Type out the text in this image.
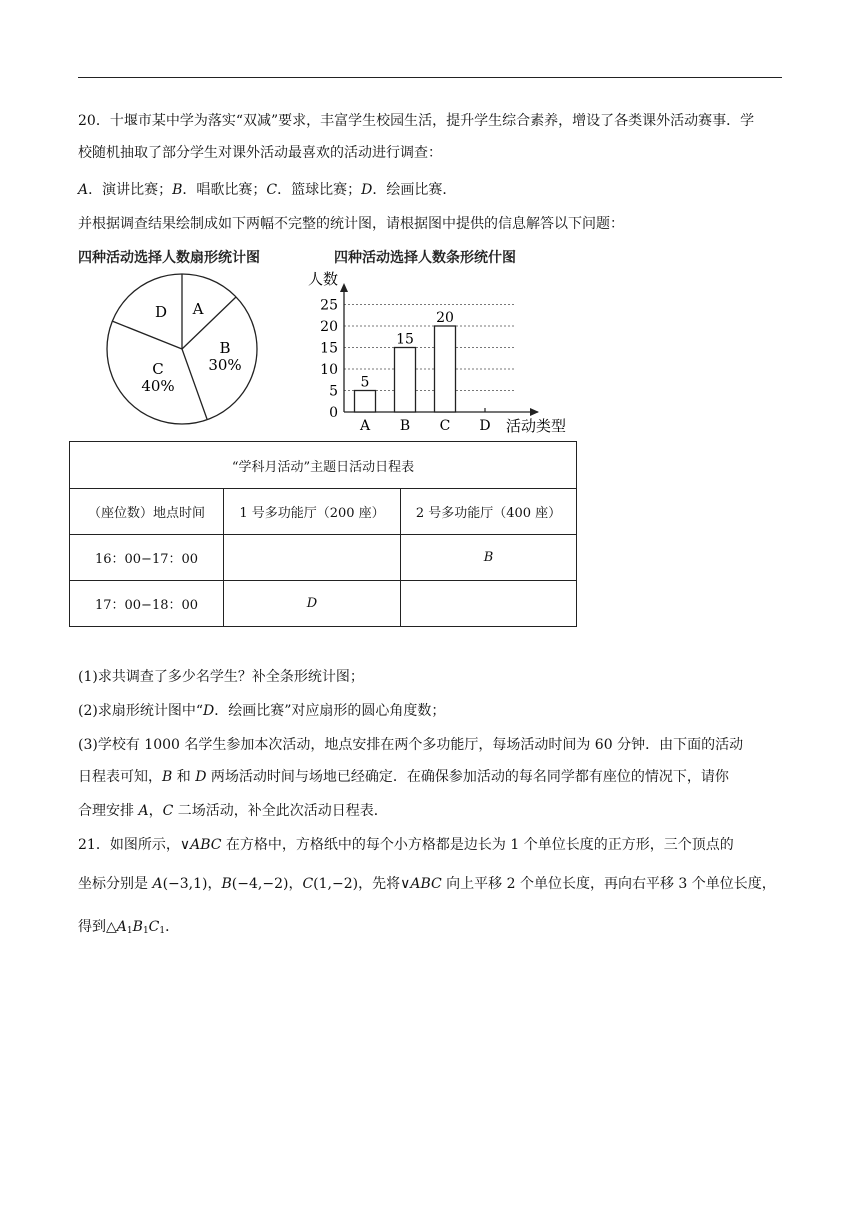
20．十堰市某中学为落实“双减”要求，丰富学生校园生活，提升学生综合素养，增设了各类课外活动赛事．学

校随机抽取了部分学生对课外活动最喜欢的活动进行调查：

A．演讲比赛；B．唱歌比赛；C．篮球比赛；D．绘画比赛．

并根据调查结果绘制成如下两幅不完整的统计图，请根据图中提供的信息解答以下问题：

四种活动选择人数扇形统计图	四种活动选择人数条形统什图
A
B
30%
C
40%
D
人数
活动类型
0
5
10
15
20
25
A B C D
5
15
20
“学科月活动”主题日活动日程表		
（座位数）地点时间	1 号多功能厅（200 座）	2 号多功能厅（400 座）
16：00−17：00		B
17：00−18：00	D	

(1)求共调查了多少名学生？补全条形统计图；

(2)求扇形统计图中“D．绘画比赛”对应扇形的圆心角度数；

(3)学校有 1000 名学生参加本次活动，地点安排在两个多功能厅，每场活动时间为 60 分钟．由下面的活动

日程表可知，B 和 D 两场活动时间与场地已经确定．在确保参加活动的每名同学都有座位的情况下，请你

合理安排 A，C 二场活动，补全此次活动日程表．

21．如图所示，∨ABC 在方格中，方格纸中的每个小方格都是边长为 1 个单位长度的正方形，三个顶点的

坐标分别是 A(−3,1)，B(−4,−2)，C(1,−2)，先将∨ABC 向上平移 2 个单位长度，再向右平移 3 个单位长度，

得到$\triangle A_1B_1C_1$．
